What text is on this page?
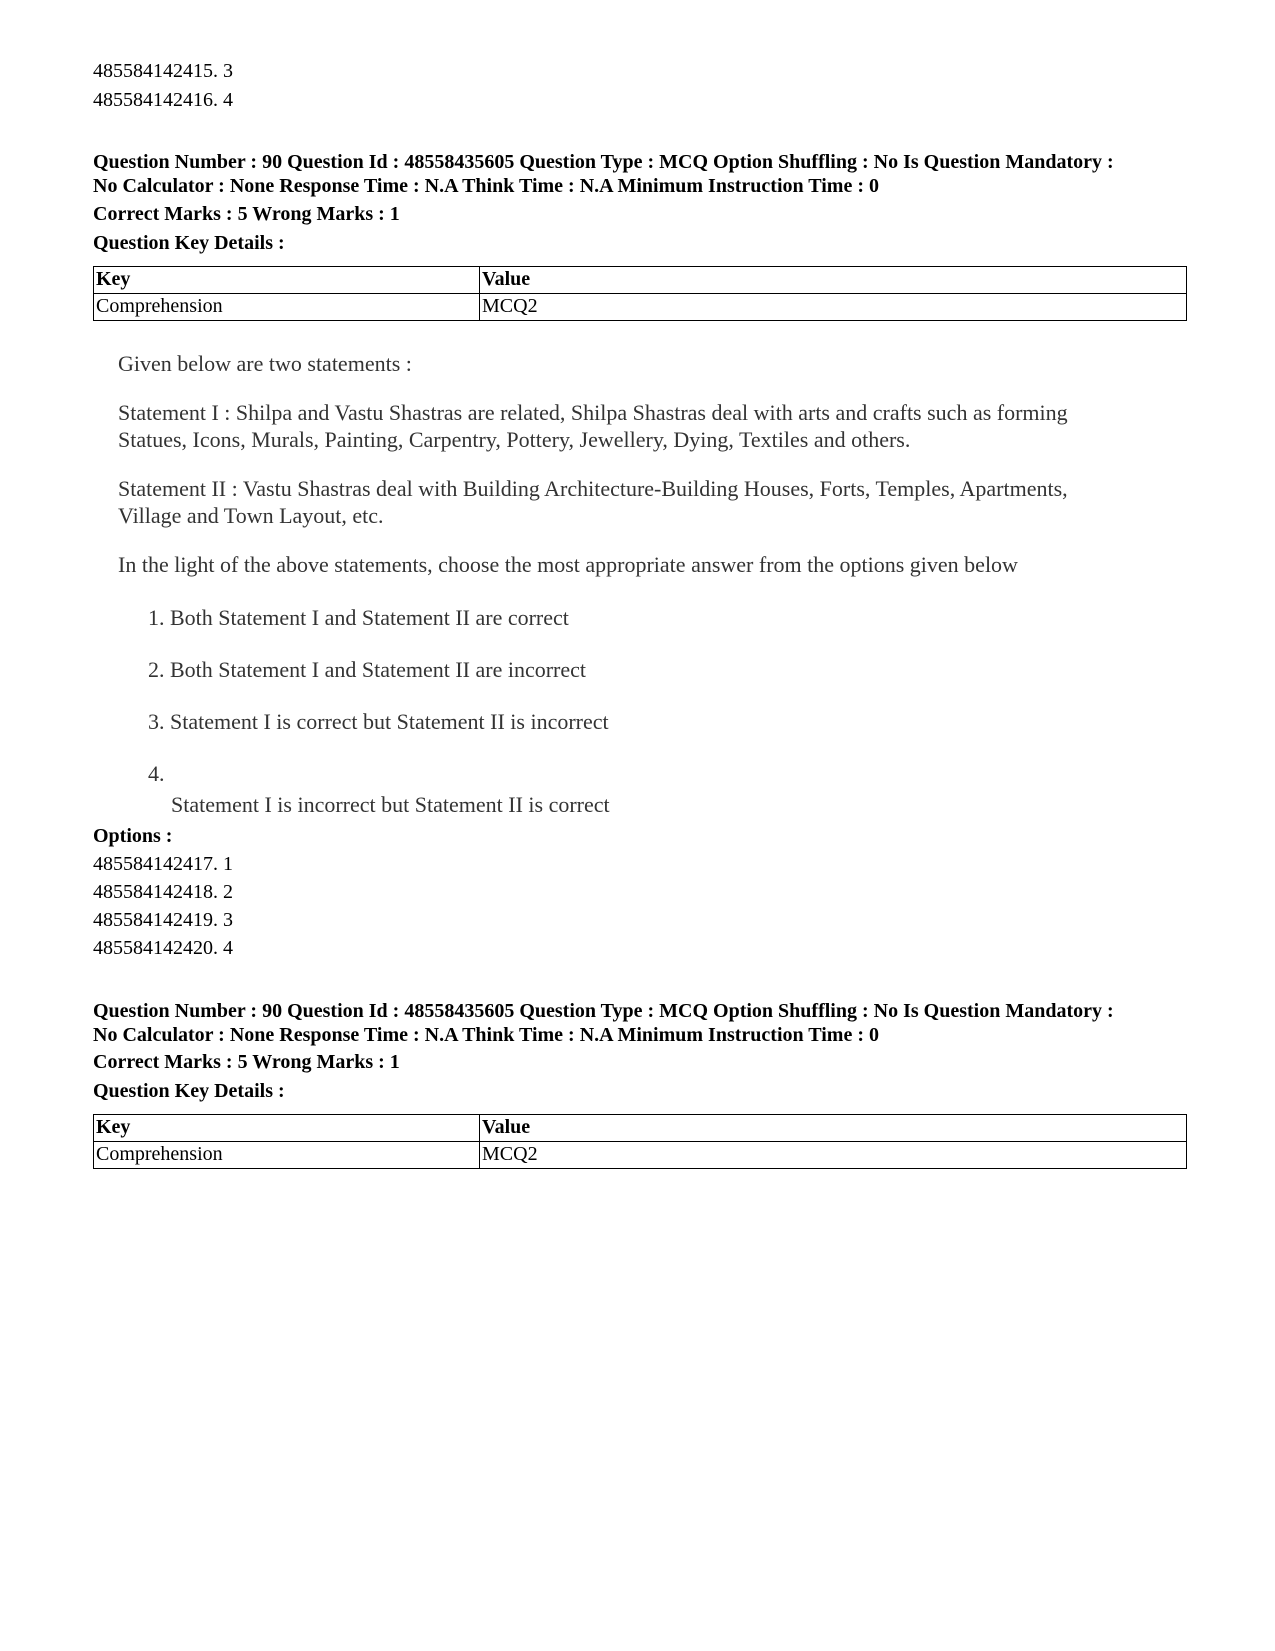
485584142415. 3
485584142416. 4
Question Number : 90 Question Id : 48558435605 Question Type : MCQ Option Shuffling : No Is Question Mandatory :
No Calculator : None Response Time : N.A Think Time : N.A Minimum Instruction Time : 0
Correct Marks : 5 Wrong Marks : 1
Question Key Details :
Key	Value
Comprehension	MCQ2

Given below are two statements :

Statement I : Shilpa and Vastu Shastras are related, Shilpa Shastras deal with arts and crafts such as forming
Statues, Icons, Murals, Painting, Carpentry, Pottery, Jewellery, Dying, Textiles and others.

Statement II : Vastu Shastras deal with Building Architecture-Building Houses, Forts, Temples, Apartments,
Village and Town Layout, etc.

In the light of the above statements, choose the most appropriate answer from the options given below

1. Both Statement I and Statement II are correct
2. Both Statement I and Statement II are incorrect
3. Statement I is correct but Statement II is incorrect
4.
Statement I is incorrect but Statement II is correct
Options :
485584142417. 1
485584142418. 2
485584142419. 3
485584142420. 4
Question Number : 90 Question Id : 48558435605 Question Type : MCQ Option Shuffling : No Is Question Mandatory :
No Calculator : None Response Time : N.A Think Time : N.A Minimum Instruction Time : 0
Correct Marks : 5 Wrong Marks : 1
Question Key Details :
Key	Value
Comprehension	MCQ2
